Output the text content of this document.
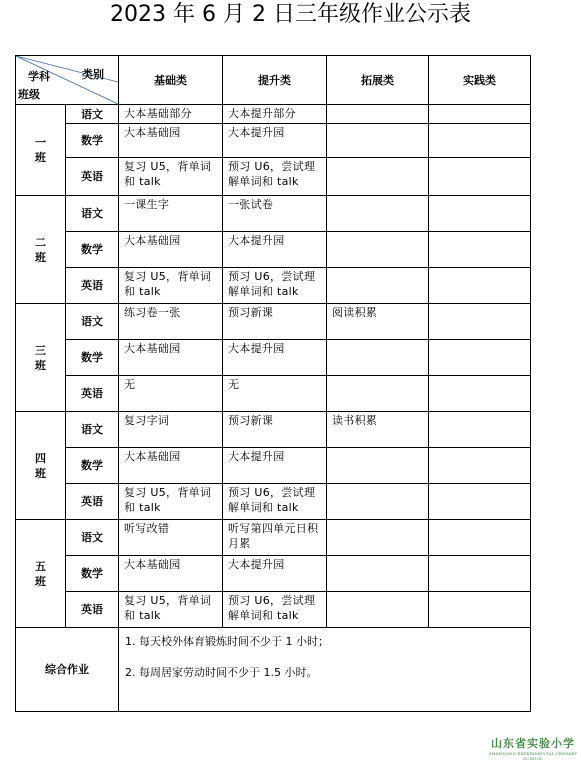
2023 年 6 月 2 日三年级作业公示表
类别
学科
班级		基础类	提升类	拓展类	实践类
一
班	语文	大本基础部分	大本提升部分		
	数学	大本基础园	大本提升园		
	英语	复习 U5，背单词和 talk	预习 U6，尝试理解单词和 talk		
二
班	语文	一课生字	一张试卷		
	数学	大本基础园	大本提升园		
	英语	复习 U5，背单词和 talk	预习 U6，尝试理解单词和 talk		
三
班	语文	练习卷一张	预习新课	阅读积累	
	数学	大本基础园	大本提升园		
	英语	无	无		
四
班	语文	复习字词	预习新课	读书积累	
	数学	大本基础园	大本提升园		
	英语	复习 U5，背单词和 talk	预习 U6，尝试理解单词和 talk		
五
班	语文	听写改错	听写第四单元日积月累		
	数学	大本基础园	大本提升园		
	英语	复习 U5，背单词和 talk	预习 U6，尝试理解单词和 talk		
综合作业		1. 每天校外体育锻炼时间不少于 1 小时；
2. 每周居家劳动时间不少于 1.5 小时。			
山东省实验小学
SHANDONG EXPERIMENTAL PRIMARY SCHOOL
